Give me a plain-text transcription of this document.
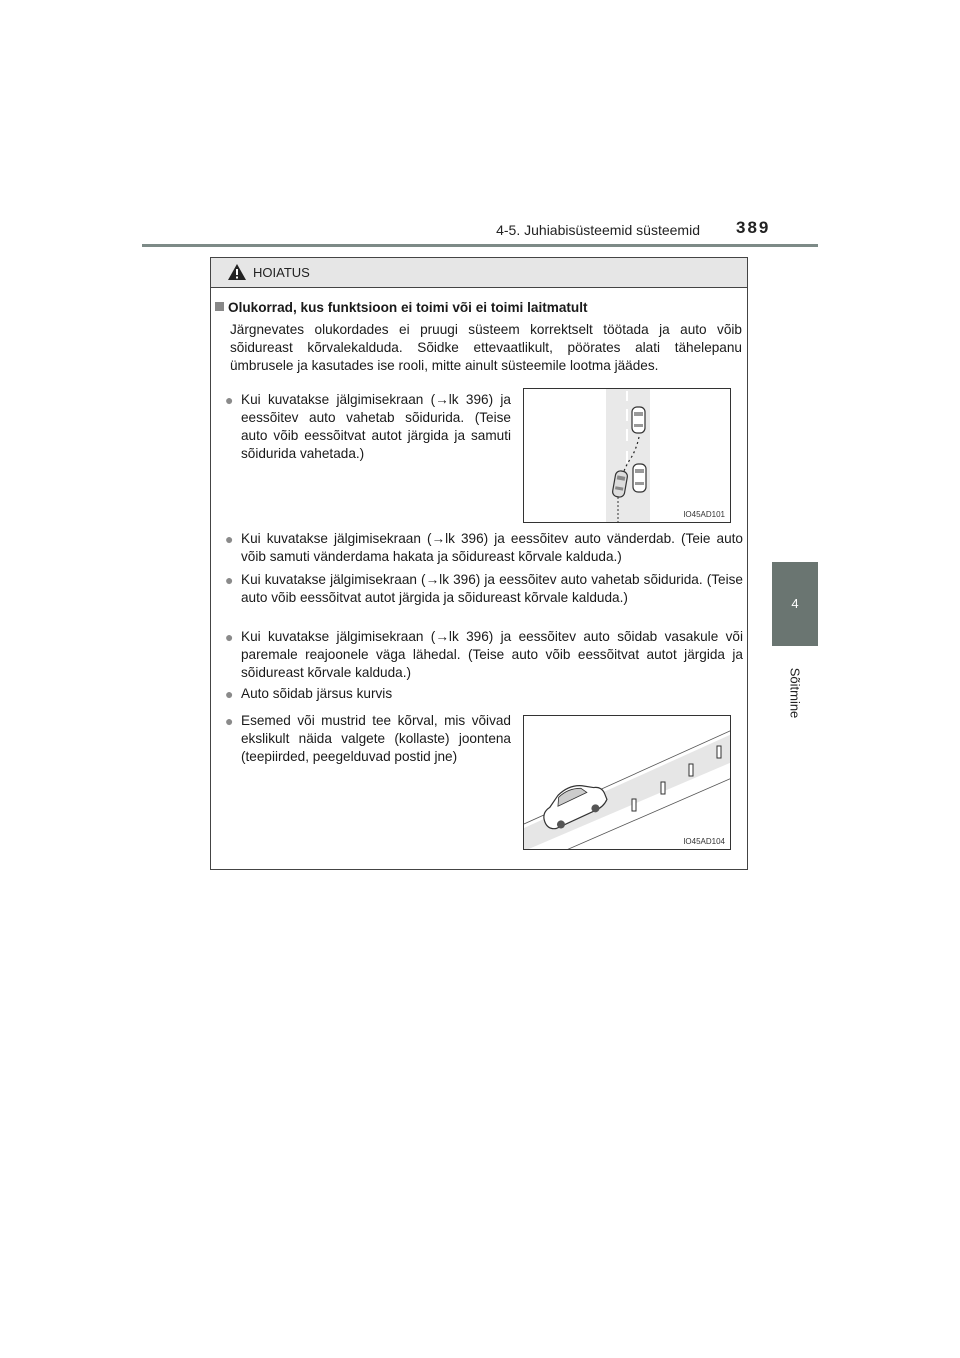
4-5. Juhiabisüsteemid süsteemid 389
4
Sõitmine
HOIATUS
Olukorrad, kus funktsioon ei toimi või ei toimi laitmatult
Järgnevates olukordades ei pruugi süsteem korrektselt töötada ja auto võib sõidureast kõrvalekalduda. Sõidke ettevaatlikult, pöörates alati tähelepanu ümbrusele ja kasutades ise rooli, mitte ainult süsteemile lootma jäädes.
● Kui kuvatakse jälgimisekraan (→lk 396) ja eessõitev auto vahetab sõidurida. (Teise auto võib eessõitvat autot järgida ja samuti sõidurida vahetada.)
IO45AD101
● Kui kuvatakse jälgimisekraan (→lk 396) ja eessõitev auto vänderdab. (Teie auto võib samuti vänderdama hakata ja sõidureast kõrvale kalduda.)
● Kui kuvatakse jälgimisekraan (→lk 396) ja eessõitev auto vahetab sõidurida. (Teise auto võib eessõitvat autot järgida ja sõidureast kõrvale kalduda.)
● Kui kuvatakse jälgimisekraan (→lk 396) ja eessõitev auto sõidab vasakule või paremale reajoonele väga lähedal. (Teise auto võib eessõitvat autot järgida ja sõidureast kõrvale kalduda.)
● Auto sõidab järsus kurvis
● Esemed või mustrid tee kõrval, mis võivad ekslikult näida valgete (kollaste) joontena (teepiirded, peegelduvad postid jne)
IO45AD104
